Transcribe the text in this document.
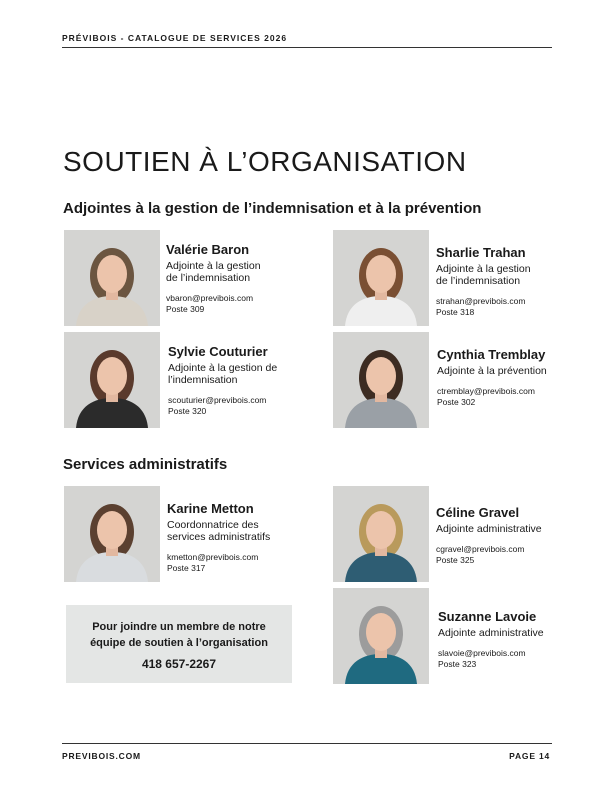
PRÉVIBOIS - CATALOGUE DE SERVICES 2026
SOUTIEN À L’ORGANISATION
Adjointes à la gestion de l’indemnisation et à la prévention
Valérie Baron
Adjointe à la gestion
de l’indemnisation
vbaron@previbois.com
Poste 309
Sharlie Trahan
Adjointe à la gestion
de l’indemnisation
strahan@previbois.com
Poste 318
Sylvie Couturier
Adjointe à la gestion de
l’indemnisation
scouturier@previbois.com
Poste 320
Cynthia Tremblay
Adjointe à la prévention
ctremblay@previbois.com
Poste 302
Services administratifs
Karine Metton
Coordonnatrice des
services administratifs
kmetton@previbois.com
Poste 317
Céline Gravel
Adjointe administrative
cgravel@previbois.com
Poste 325
Suzanne Lavoie
Adjointe administrative
slavoie@previbois.com
Poste 323
Pour joindre un membre de notre
équipe de soutien à l’organisation
418 657-2267
PREVIBOIS.COM	PAGE 14
